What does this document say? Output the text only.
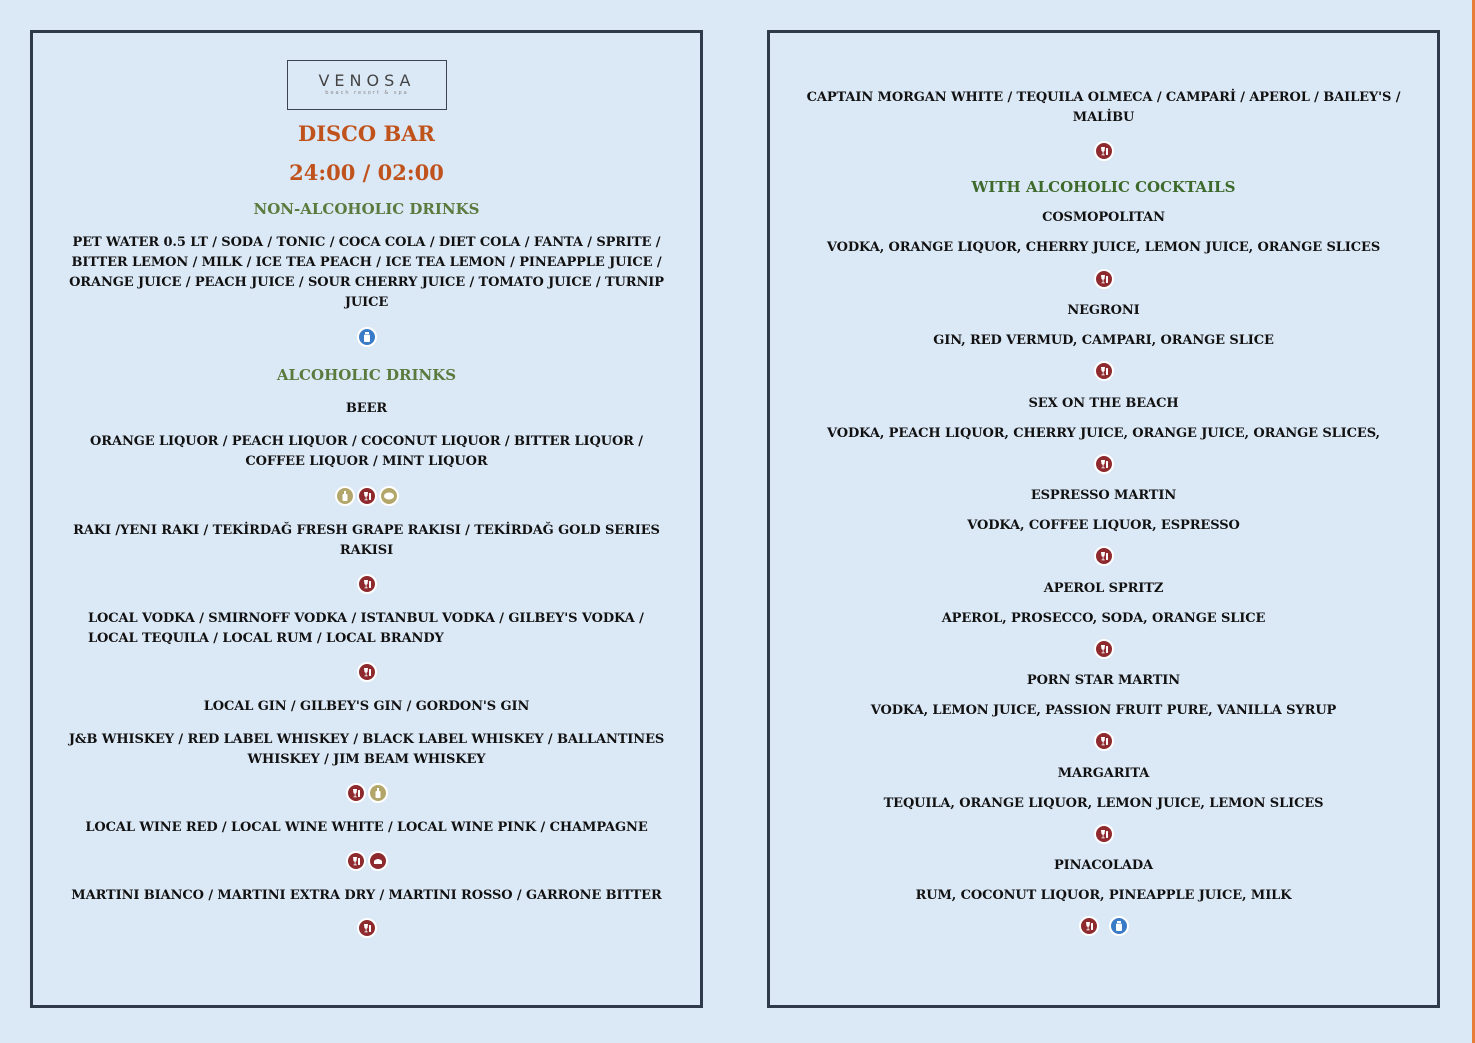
VENOSA
beach resort & spa
DISCO BAR
24:00 / 02:00
NON-ALCOHOLIC DRINKS
PET WATER 0.5 LT / SODA / TONIC / COCA COLA / DIET COLA / FANTA / SPRITE /
BITTER LEMON / MILK / ICE TEA PEACH / ICE TEA LEMON / PINEAPPLE JUICE /
ORANGE JUICE / PEACH JUICE / SOUR CHERRY JUICE / TOMATO JUICE / TURNIP
JUICE
ALCOHOLIC DRINKS
BEER
ORANGE LIQUOR / PEACH LIQUOR / COCONUT LIQUOR / BITTER LIQUOR /
COFFEE LIQUOR / MINT LIQUOR
RAKI /YENI RAKI / TEKİRDAĞ FRESH GRAPE RAKISI / TEKİRDAĞ GOLD SERIES
RAKISI
LOCAL VODKA / SMIRNOFF VODKA / ISTANBUL VODKA / GILBEY'S VODKA /
LOCAL TEQUILA / LOCAL RUM / LOCAL BRANDY
LOCAL GIN / GILBEY'S GIN / GORDON'S GIN
J&B WHISKEY / RED LABEL WHISKEY / BLACK LABEL WHISKEY / BALLANTINES
WHISKEY / JIM BEAM WHISKEY
LOCAL WINE RED / LOCAL WINE WHITE / LOCAL WINE PINK / CHAMPAGNE
MARTINI BIANCO / MARTINI EXTRA DRY / MARTINI ROSSO / GARRONE BITTER
CAPTAIN MORGAN WHITE / TEQUILA OLMECA / CAMPARİ / APEROL / BAILEY'S /
MALİBU
WITH ALCOHOLIC COCKTAILS
COSMOPOLITAN
VODKA, ORANGE LIQUOR, CHERRY JUICE, LEMON JUICE, ORANGE SLICES
NEGRONI
GIN, RED VERMUD, CAMPARI, ORANGE SLICE
SEX ON THE BEACH
VODKA, PEACH LIQUOR, CHERRY JUICE, ORANGE JUICE, ORANGE SLICES,
ESPRESSO MARTIN
VODKA, COFFEE LIQUOR, ESPRESSO
APEROL SPRITZ
APEROL, PROSECCO, SODA, ORANGE SLICE
PORN STAR MARTIN
VODKA, LEMON JUICE, PASSION FRUIT PURE, VANILLA SYRUP
MARGARITA
TEQUILA, ORANGE LIQUOR, LEMON JUICE, LEMON SLICES
PINACOLADA
RUM, COCONUT LIQUOR, PINEAPPLE JUICE, MILK
